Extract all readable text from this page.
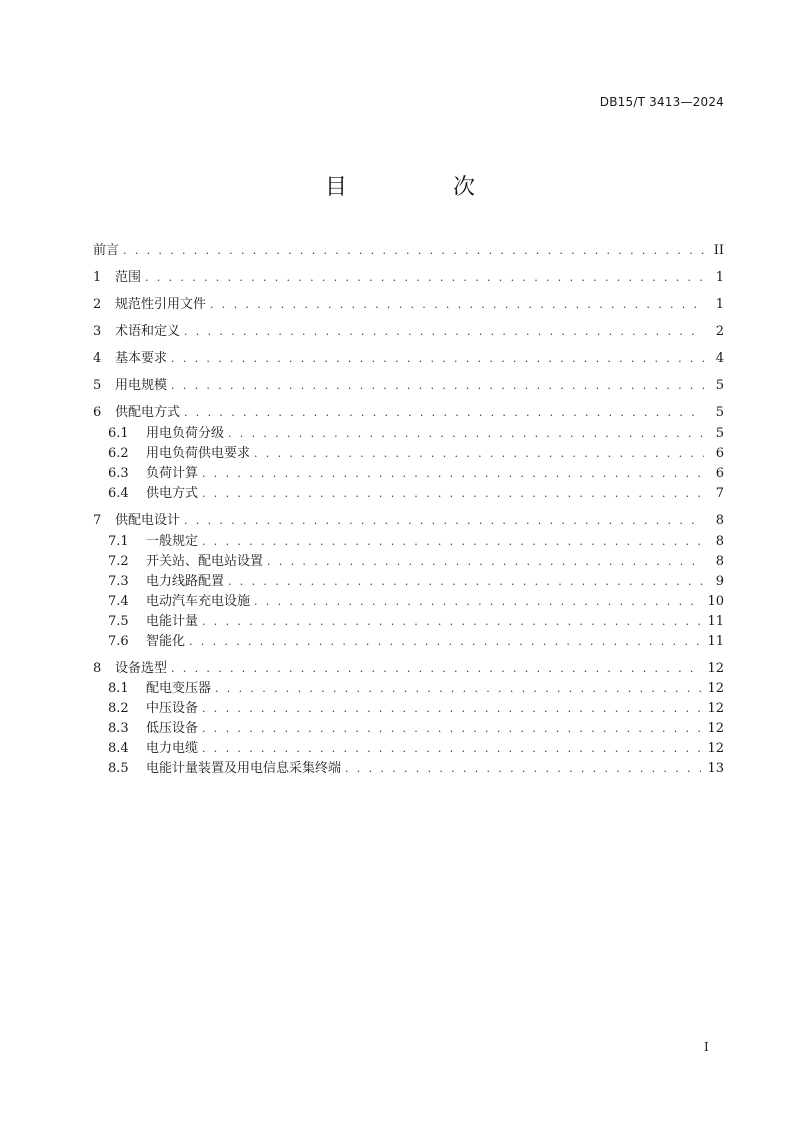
DB15/T 3413—2024
目　次
前言 . . .	II
1	范围 . . .	1
2	规范性引用文件 . . .	1
3	术语和定义 . . .	2
4	基本要求 . . .	4
5	用电规模 . . .	5
6	供配电方式 . . .	5
6.1	用电负荷分级 . . .	5
6.2	用电负荷供电要求 . . .	6
6.3	负荷计算 . . .	6
6.4	供电方式 . . .	7
7	供配电设计 . . .	8
7.1	一般规定 . . .	8
7.2	开关站、配电站设置 . . .	8
7.3	电力线路配置 . . .	9
7.4	电动汽车充电设施 . . .	10
7.5	电能计量 . . .	11
7.6	智能化 . . .	11
8	设备选型 . . .	12
8.1	配电变压器 . . .	12
8.2	中压设备 . . .	12
8.3	低压设备 . . .	12
8.4	电力电缆 . . .	12
8.5	电能计量装置及用电信息采集终端 . . .	13
I
